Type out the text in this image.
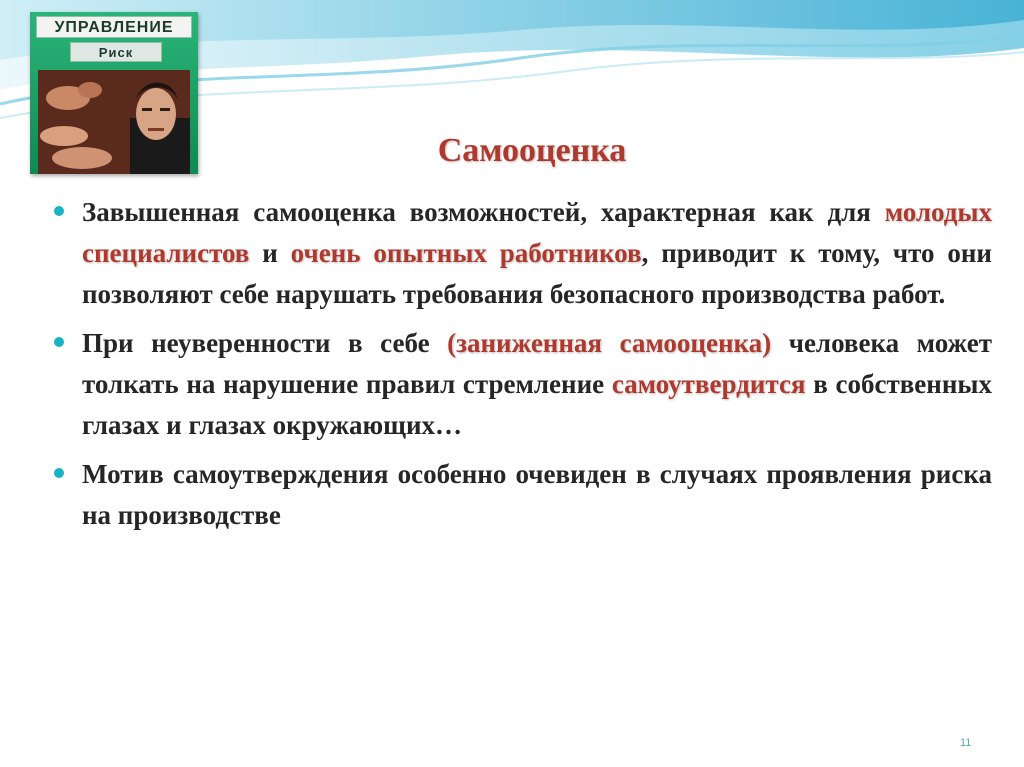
УПРАВЛЕНИЕ
Риск
Самооценка

Завышенная самооценка возможностей, характерная как для молодых специалистов и очень опытных работников, приводит к тому, что они позволяют себе нарушать требования безопасного производства работ.

При неуверенности в себе (заниженная самооценка) человека может толкать на нарушение правил стремление самоутвердится в собственных глазах и глазах окружающих…

Мотив самоутверждения особенно очевиден в случаях проявления риска на производстве

11
